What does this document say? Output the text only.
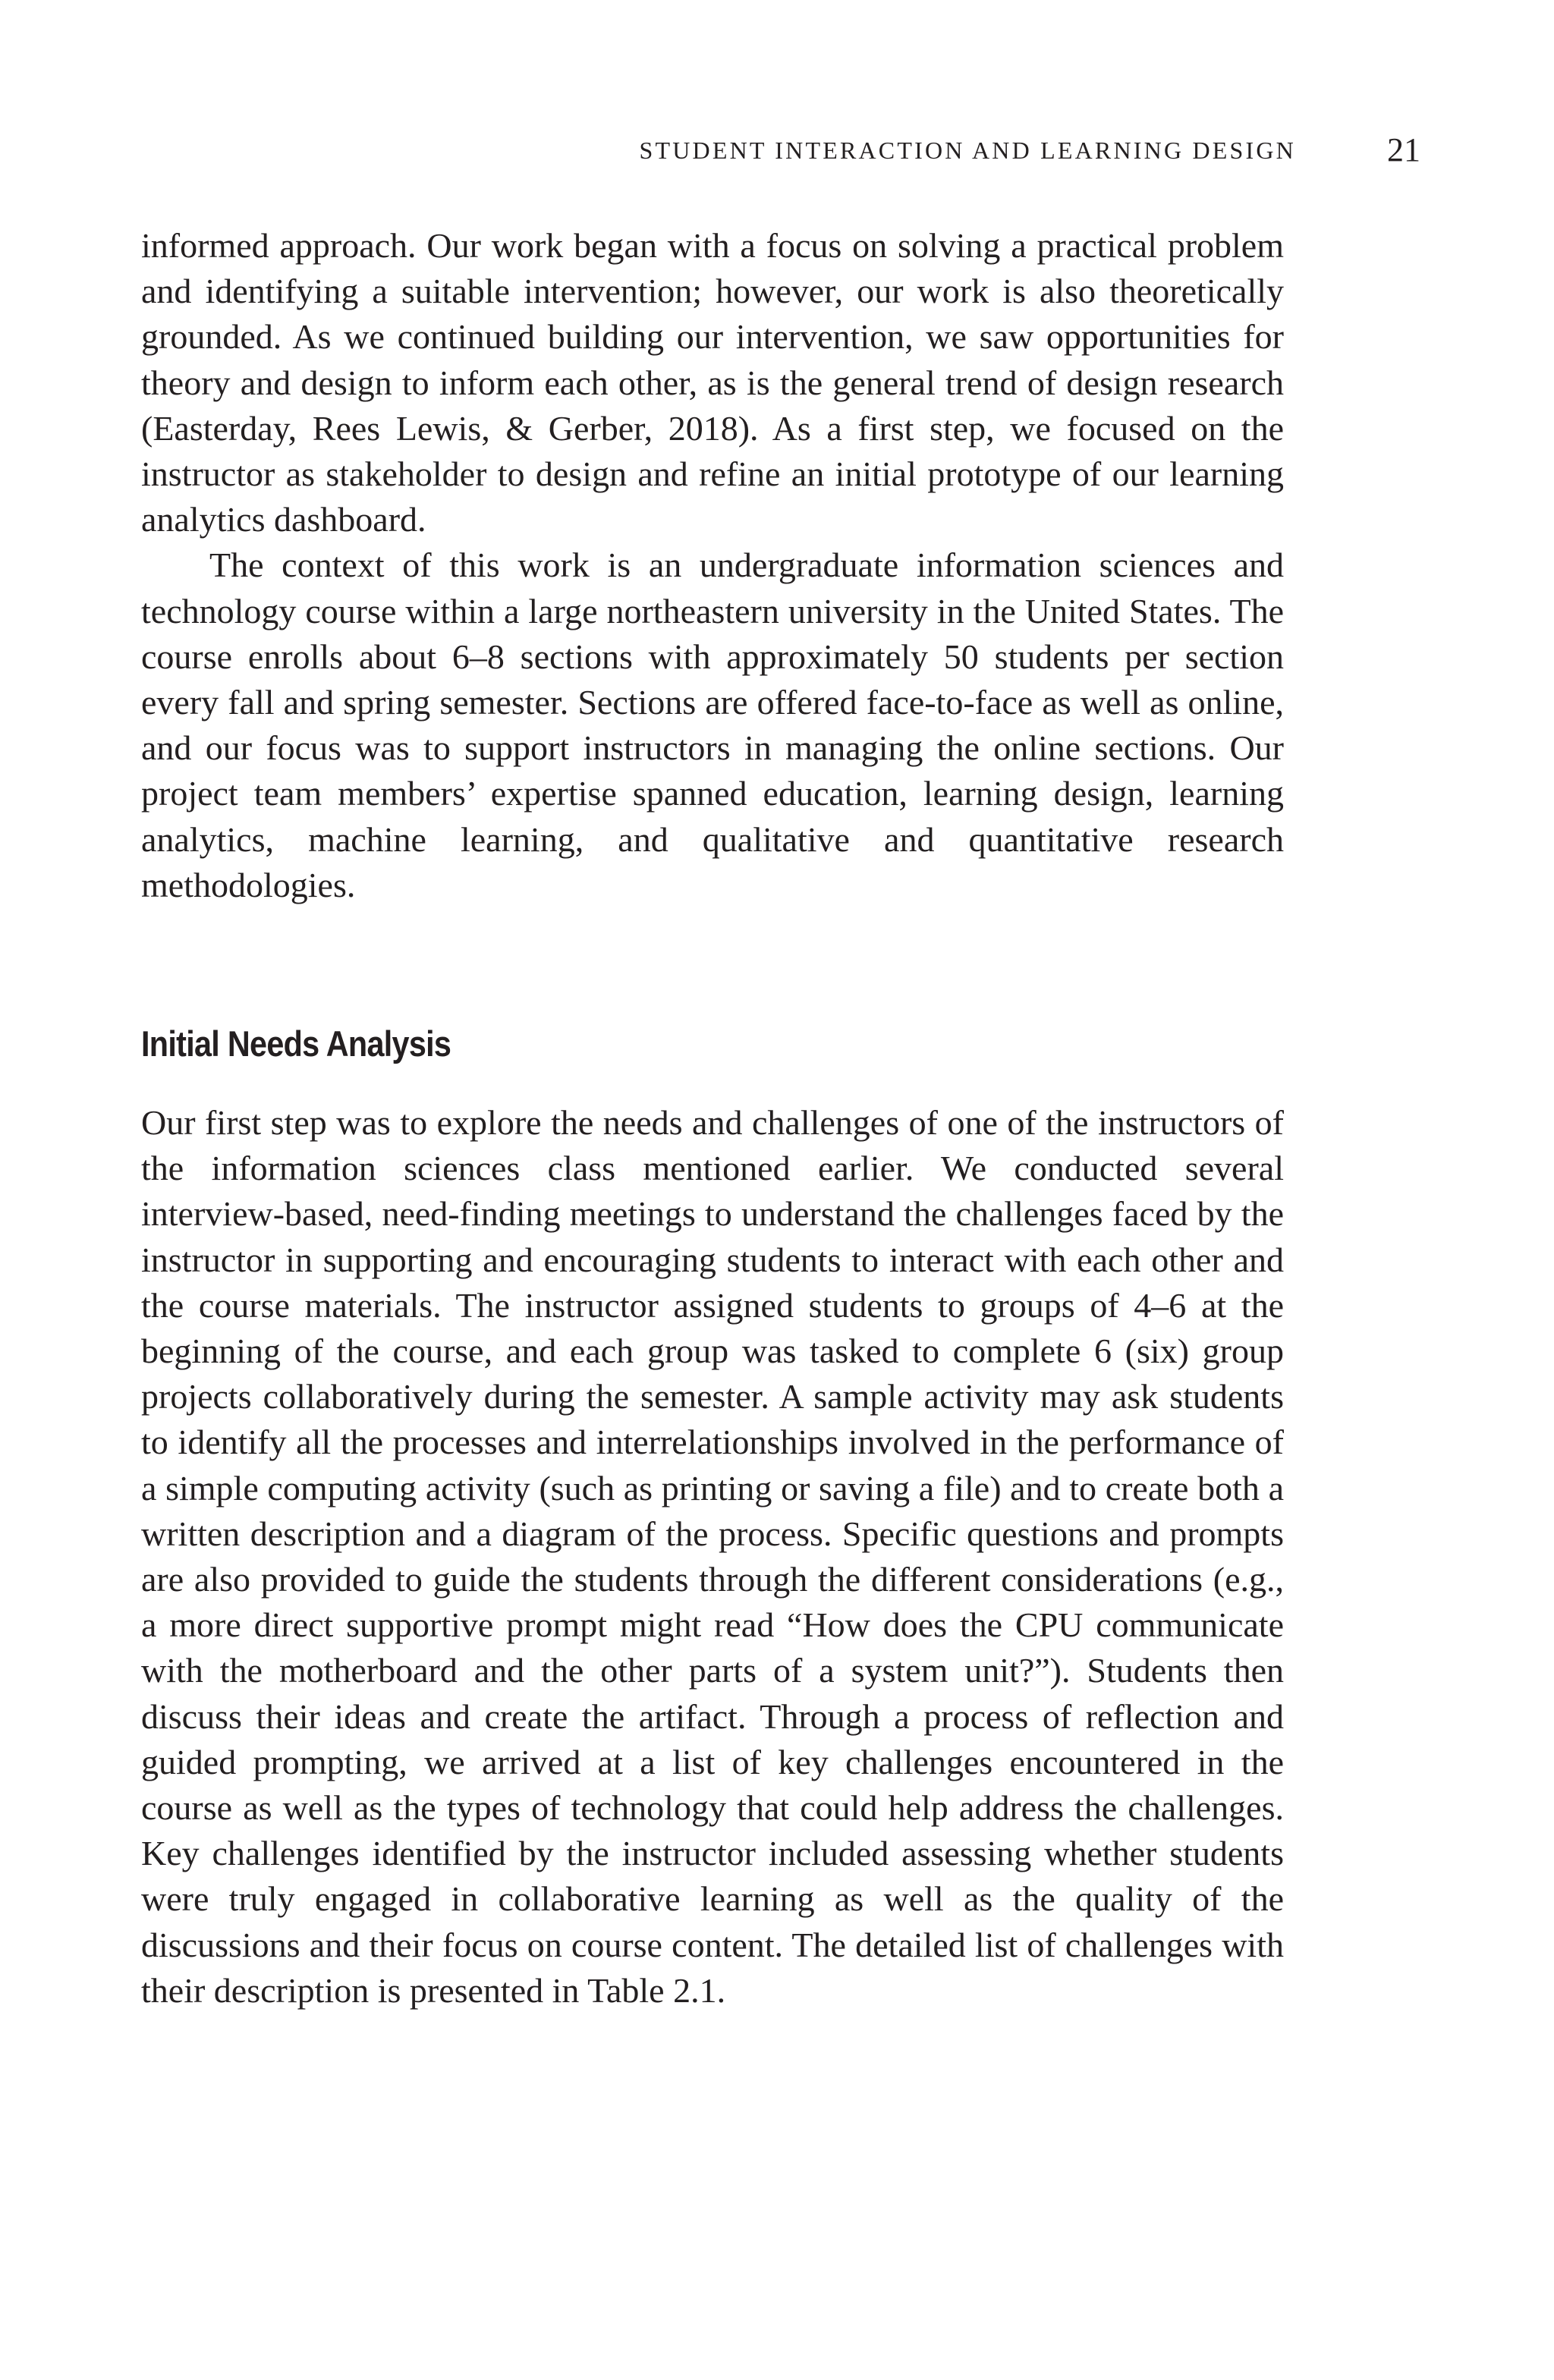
STUDENT INTERACTION AND LEARNING DESIGN	21

informed approach. Our work began with a focus on solving a practical problem and identifying a suitable intervention; however, our work is also theoretically grounded. As we continued building our intervention, we saw opportunities for theory and design to inform each other, as is the general trend of design research (Easterday, Rees Lewis, & Gerber, 2018). As a first step, we focused on the instructor as stakeholder to design and refine an initial prototype of our learning analytics dashboard.

The context of this work is an undergraduate information sciences and technology course within a large northeastern university in the United States. The course enrolls about 6–8 sections with approximately 50 students per section every fall and spring semester. Sections are offered face-to-face as well as online, and our focus was to support instructors in managing the online sections. Our project team members’ expertise spanned education, learning design, learning analytics, machine learning, and qualitative and quantitative research methodologies.

Initial Needs Analysis

Our first step was to explore the needs and challenges of one of the instructors of the information sciences class mentioned earlier. We conducted several interview-based, need-finding meetings to understand the challenges faced by the instructor in supporting and encouraging students to interact with each other and the course materials. The instructor assigned students to groups of 4–6 at the beginning of the course, and each group was tasked to complete 6 (six) group projects collaboratively during the semester. A sample activity may ask students to identify all the processes and interrelationships involved in the performance of a simple computing activity (such as printing or saving a file) and to create both a written description and a diagram of the process. Specific questions and prompts are also provided to guide the students through the different considerations (e.g., a more direct supportive prompt might read “How does the CPU communicate with the motherboard and the other parts of a system unit?”). Students then discuss their ideas and create the artifact. Through a process of reflection and guided prompting, we arrived at a list of key challenges encountered in the course as well as the types of technology that could help address the challenges. Key challenges identified by the instructor included assessing whether students were truly engaged in collaborative learning as well as the quality of the discussions and their focus on course content. The detailed list of challenges with their description is presented in Table 2.1.
